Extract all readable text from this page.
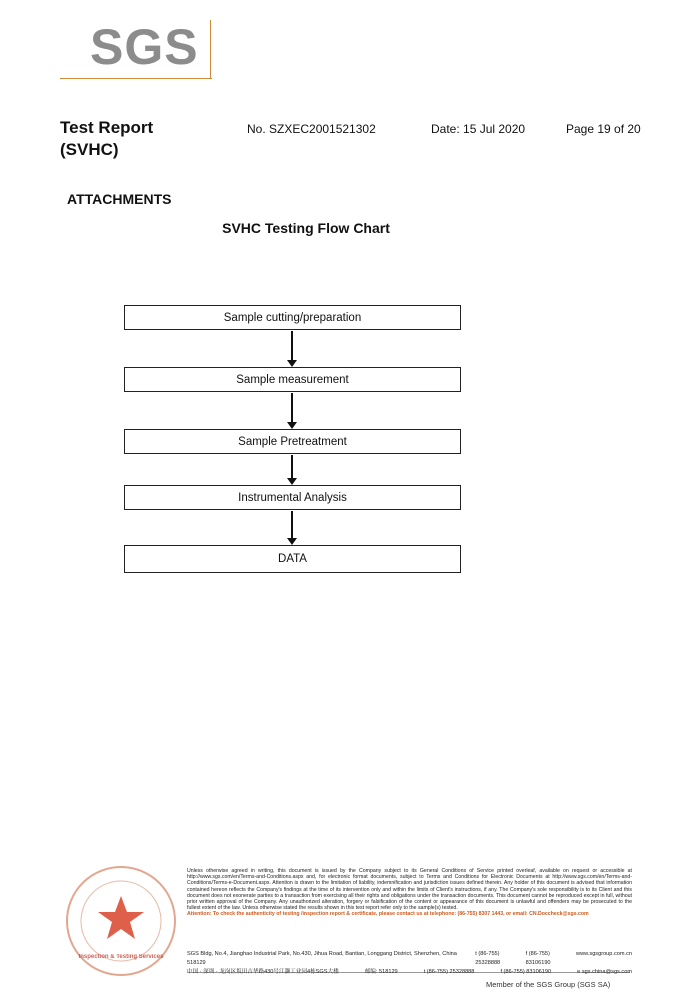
SGS
Test Report
(SVHC)
No. SZXEC2001521302	Date: 15 Jul 2020	Page 19 of 20
ATTACHMENTS
SVHC Testing Flow Chart
Sample cutting/preparation
Sample measurement
Sample Pretreatment
Instrumental Analysis
DATA
Inspection & Testing Services

Unless otherwise agreed in writing, this document is issued by the Company subject to its General Conditions of Service printed overleaf, available on request or accessible at http://www.sgs.com/en/Terms-and-Conditions.aspx and, for electronic format documents, subject to Terms and Conditions for Electronic Documents at http://www.sgs.com/en/Terms-and-Conditions/Terms-e-Document.aspx. Attention is drawn to the limitation of liability, indemnification and jurisdiction issues defined therein. Any holder of this document is advised that information contained hereon reflects the Company's findings at the time of its intervention only and within the limits of Client's instructions, if any. The Company's sole responsibility is to its Client and this document does not exonerate parties to a transaction from exercising all their rights and obligations under the transaction documents. This document cannot be reproduced except in full, without prior written approval of the Company. Any unauthorized alteration, forgery or falsification of the content or appearance of this document is unlawful and offenders may be prosecuted to the fullest extent of the law. Unless otherwise stated the results shown in this test report refer only to the sample(s) tested.

Attention: To check the authenticity of testing /inspection report & certificate, please contact us at telephone: (86-755) 8307 1443, or email: CN.Doccheck@sgs.com

SGS Bldg, No.4, Jianghao Industrial Park, No.430, Jihua Road, Bantian, Longgang District, Shenzhen, China 518129
t (86-755) 25328888
f (86-755) 83106190
www.sgsgroup.com.cn
中国 · 深圳 · 龙岗区坂田吉华路430号江灏工业园4栋SGS大楼	邮编: 518129	t (86-755) 25328888	f (86-755) 83106190	e sgs.china@sgs.com
Member of the SGS Group (SGS SA)
